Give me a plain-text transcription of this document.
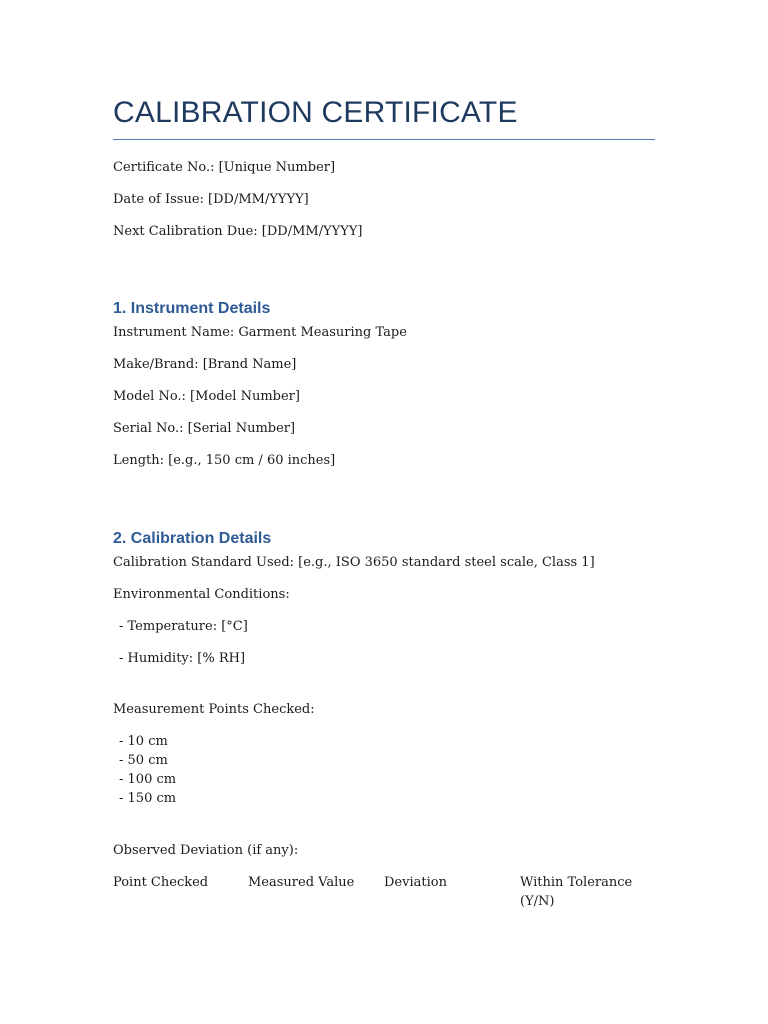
CALIBRATION CERTIFICATE
Certificate No.: [Unique Number]
Date of Issue: [DD/MM/YYYY]
Next Calibration Due: [DD/MM/YYYY]
1. Instrument Details
Instrument Name: Garment Measuring Tape
Make/Brand: [Brand Name]
Model No.: [Model Number]
Serial No.: [Serial Number]
Length: [e.g., 150 cm / 60 inches]
2. Calibration Details
Calibration Standard Used: [e.g., ISO 3650 standard steel scale, Class 1]
Environmental Conditions:
- Temperature: [°C]
- Humidity: [% RH]
Measurement Points Checked:
- 10 cm
- 50 cm
- 100 cm
- 150 cm
Observed Deviation (if any):
Point Checked	Measured Value	Deviation	Within Tolerance (Y/N)
